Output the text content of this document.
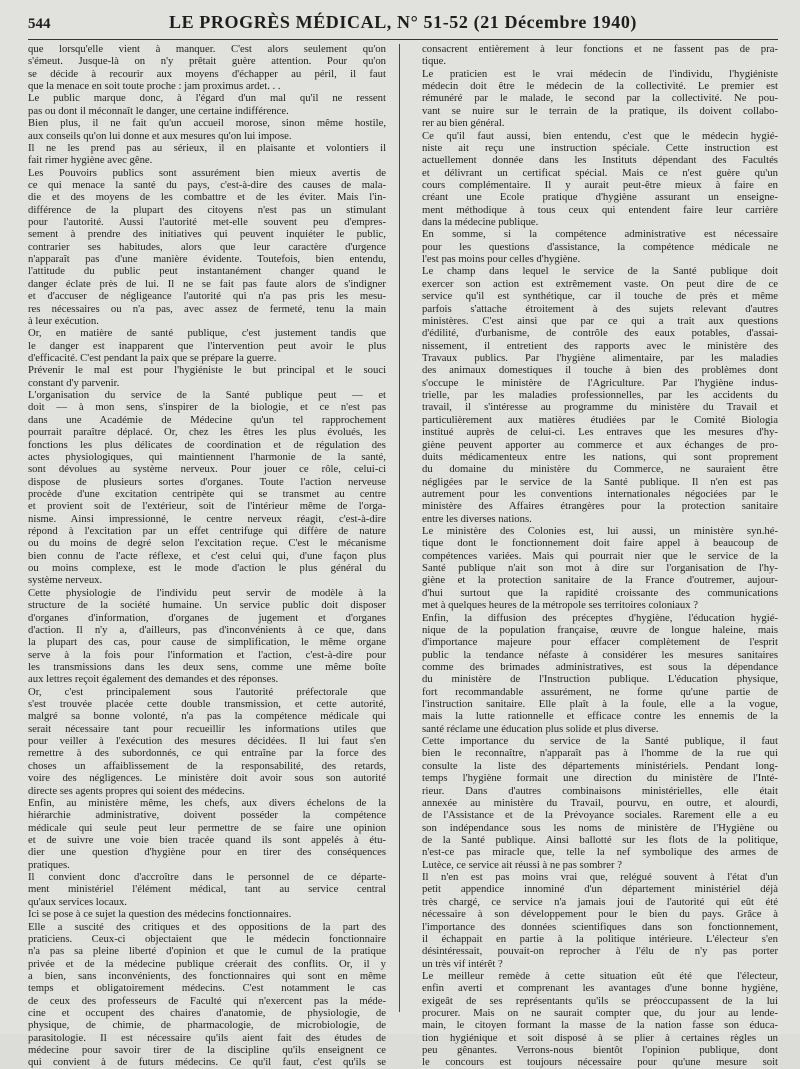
544	LE PROGRÈS MÉDICAL, N° 51-52 (21 Décembre 1940)
que lorsqu'elle vient à manquer. C'est alors seulement qu'on
s'émeut. Jusque-là on n'y prêtait guère attention. Pour qu'on
se décide à recourir aux moyens d'échapper au péril, il faut
que la menace en soit toute proche : jam proximus ardet. . .
Le public marque donc, à l'égard d'un mal qu'il ne ressent
pas ou dont il méconnaît le danger, une certaine indifférence.
Bien plus, il ne fait qu'un accueil morose, sinon même hostile,
aux conseils qu'on lui donne et aux mesures qu'on lui impose.
Il ne les prend pas au sérieux, il en plaisante et volontiers il
fait rimer hygiène avec gêne.
Les Pouvoirs publics sont assurément bien mieux avertis de
ce qui menace la santé du pays, c'est-à-dire des causes de mala-
die et des moyens de les combattre et de les éviter. Mais l'in-
différence de la plupart des citoyens n'est pas un stimulant
pour l'autorité. Aussi l'autorité met-elle souvent peu d'empres-
sement à prendre des initiatives qui peuvent inquiéter le public,
contrarier ses habitudes, alors que leur caractère d'urgence
n'apparaît pas d'une manière évidente. Toutefois, bien entendu,
l'attitude du public peut instantanément changer quand le
danger éclate près de lui. Il ne se fait pas faute alors de s'indigner
et d'accuser de négligeance l'autorité qui n'a pas pris les mesu-
res nécessaires ou n'a pas, avec assez de fermeté, tenu la main
à leur exécution.
Or, en matière de santé publique, c'est justement tandis que
le danger est inapparent que l'intervention peut avoir le plus
d'efficacité. C'est pendant la paix que se prépare la guerre.
Prévenir le mal est pour l'hygiéniste le but principal et le souci
constant d'y parvenir.
L'organisation du service de la Santé publique peut — et
doit — à mon sens, s'inspirer de la biologie, et ce n'est pas
dans une Académie de Médecine qu'un tel rapprochement
pourrait paraître déplacé. Or, chez les êtres les plus évolués, les
fonctions les plus délicates de coordination et de régulation des
actes physiologiques, qui maintiennent l'harmonie de la santé,
sont dévolues au système nerveux. Pour jouer ce rôle, celui-ci
dispose de plusieurs sortes d'organes. Toute l'action nerveuse
procède d'une excitation centripète qui se transmet au centre
et provient soit de l'extérieur, soit de l'intérieur même de l'orga-
nisme. Ainsi impressionné, le centre nerveux réagit, c'est-à-dire
répond à l'excitation par un effet centrifuge qui diffère de nature
ou du moins de degré selon l'excitation reçue. C'est le mécanisme
bien connu de l'acte réflexe, et c'est celui qui, d'une façon plus
ou moins complexe, est le mode d'action le plus général du
système nerveux.
Cette physiologie de l'individu peut servir de modèle à la
structure de la société humaine. Un service public doit disposer
d'organes d'information, d'organes de jugement et d'organes
d'action. Il n'y a, d'ailleurs, pas d'inconvénients à ce que, dans
la plupart des cas, pour cause de simplification, le même organe
serve à la fois pour l'information et l'action, c'est-à-dire pour
les transmissions dans les deux sens, comme une même boîte
aux lettres reçoit également des demandes et des réponses.
Or, c'est principalement sous l'autorité préfectorale que
s'est trouvée placée cette double transmission, et cette autorité,
malgré sa bonne volonté, n'a pas la compétence médicale qui
serait nécessaire tant pour recueillir les informations utiles que
pour veiller à l'exécution des mesures décidées. Il lui faut s'en
remettre à des subordonnés, ce qui entraîne par la force des
choses un affaiblissement de la responsabilité, des retards,
voire des négligences. Le ministère doit avoir sous son autorité
directe ses agents propres qui soient des médecins.
Enfin, au ministère même, les chefs, aux divers échelons de la
hiérarchie administrative, doivent posséder la compétence
médicale qui seule peut leur permettre de se faire une opinion
et de suivre une voie bien tracée quand ils sont appelés à étu-
dier une question d'hygiène pour en tirer des conséquences
pratiques.
Il convient donc d'accroître dans le personnel de ce départe-
ment ministériel l'élément médical, tant au service central
qu'aux services locaux.
Ici se pose à ce sujet la question des médecins fonctionnaires.
Elle a suscité des critiques et des oppositions de la part des
praticiens. Ceux-ci objectaient que le médecin fonctionnaire
n'a pas sa pleine liberté d'opinion et que le cumul de la pratique
privée et de la médecine publique créerait des conflits. Or, il y
a bien, sans inconvénients, des fonctionnaires qui sont en même
temps et obligatoirement médecins. C'est notamment le cas
de ceux des professeurs de Faculté qui n'exercent pas la méde-
cine et occupent des chaires d'anatomie, de physiologie, de
physique, de chimie, de pharmacologie, de microbiologie, de
parasitologie. Il est nécessaire qu'ils aient fait des études de
médecine pour savoir tirer de la discipline qu'ils enseignent ce
qui convient à de futurs médecins. Ce qu'il faut, c'est qu'ils se
consacrent entièrement à leur fonctions et ne fassent pas de pra-
tique.
Le praticien est le vrai médecin de l'individu, l'hygiéniste
médecin doit être le médecin de la collectivité. Le premier est
rémunéré par le malade, le second par la collectivité. Ne pou-
vant se nuire sur le terrain de la pratique, ils doivent collabo-
rer au bien général.
Ce qu'il faut aussi, bien entendu, c'est que le médecin hygié-
niste ait reçu une instruction spéciale. Cette instruction est
actuellement donnée dans les Instituts dépendant des Facultés
et délivrant un certificat spécial. Mais ce n'est guère qu'un
cours complémentaire. Il y aurait peut-être mieux à faire en
créant une Ecole pratique d'hygiène assurant un enseigne-
ment méthodique à tous ceux qui entendent faire leur carrière
dans la médecine publique.
En somme, si la compétence administrative est nécessaire
pour les questions d'assistance, la compétence médicale ne
l'est pas moins pour celles d'hygiène.
Le champ dans lequel le service de la Santé publique doit
exercer son action est extrêmement vaste. On peut dire de ce
service qu'il est synthétique, car il touche de près et même
parfois s'attache étroitement à des sujets relevant d'autres
ministères. C'est ainsi que par ce qui a trait aux questions
d'édilité, d'urbanisme, de contrôle des eaux potables, d'assai-
nissement, il entretient des rapports avec le ministère des
Travaux publics. Par l'hygiène alimentaire, par les maladies
des animaux domestiques il touche à bien des problèmes dont
s'occupe le ministère de l'Agriculture. Par l'hygiène indus-
trielle, par les maladies professionnelles, par les accidents du
travail, il s'intéresse au programme du ministère du Travail et
particulièrement aux matières étudiées par le Comité Biologia
institué auprès de celui-ci. Les entraves que les mesures d'hy-
giène peuvent apporter au commerce et aux échanges de pro-
duits médicamenteux entre les nations, qui sont proprement
du domaine du ministère du Commerce, ne sauraient être
négligées par le service de la Santé publique. Il n'en est pas
autrement pour les conventions internationales négociées par le
ministère des Affaires étrangères pour la protection sanitaire
entre les diverses nations.
Le ministère des Colonies est, lui aussi, un ministère syn.hé-
tique dont le fonctionnement doit faire appel à beaucoup de
compétences variées. Mais qui pourrait nier que le service de la
Santé publique n'ait son mot à dire sur l'organisation de l'hy-
giène et la protection sanitaire de la France d'outremer, aujour-
d'hui surtout que la rapidité croissante des communications
met à quelques heures de la métropole ses territoires coloniaux ?
Enfin, la diffusion des préceptes d'hygiène, l'éducation hygié-
nique de la population française, œuvre de longue haleine, mais
d'importance majeure pour effacer complètement de l'esprit
public la tendance néfaste à considérer les mesures sanitaires
comme des brimades administratives, est sous la dépendance
du ministère de l'Instruction publique. L'éducation physique,
fort recommandable assurément, ne forme qu'une partie de
l'instruction sanitaire. Elle plaît à la foule, elle a la vogue,
mais la lutte rationnelle et efficace contre les ennemis de la
santé réclame une éducation plus solide et plus diverse.
Cette importance du service de la Santé publique, il faut
bien le reconnaître, n'apparaît pas à l'homme de la rue qui
consulte la liste des départements ministériels. Pendant long-
temps l'hygiène formait une direction du ministère de l'Inté-
rieur. Dans d'autres combinaisons ministérielles, elle était
annexée au ministère du Travail, pourvu, en outre, et alourdi,
de l'Assistance et de la Prévoyance sociales. Rarement elle a eu
son indépendance sous les noms de ministère de l'Hygiène ou
de la Santé publique. Ainsi ballotté sur les flots de la politique,
n'est-ce pas miracle que, telle la nef symbolique des armes de
Lutèce, ce service ait réussi à ne pas sombrer ?
Il n'en est pas moins vrai que, relégué souvent à l'état d'un
petit appendice innominé d'un département ministériel déjà
très chargé, ce service n'a jamais joui de l'autorité qui eût été
nécessaire à son développement pour le bien du pays. Grâce à
l'importance des données scientifiques dans son fonctionnement,
il échappait en partie à la politique intérieure. L'électeur s'en
désintéressait, pouvait-on reprocher à l'élu de n'y pas porter
un très vif intérêt ?
Le meilleur remède à cette situation eût été que l'électeur,
enfin averti et comprenant les avantages d'une bonne hygiène,
exigeât de ses représentants qu'ils se préoccupassent de la lui
procurer. Mais on ne saurait compter que, du jour au lende-
main, le citoyen formant la masse de la nation fasse son éduca-
tion hygiénique et soit disposé à se plier à certaines règles un
peu gênantes. Verrons-nous bientôt l'opinion publique, dont
le concours est toujours nécessaire pour qu'une mesure soit
